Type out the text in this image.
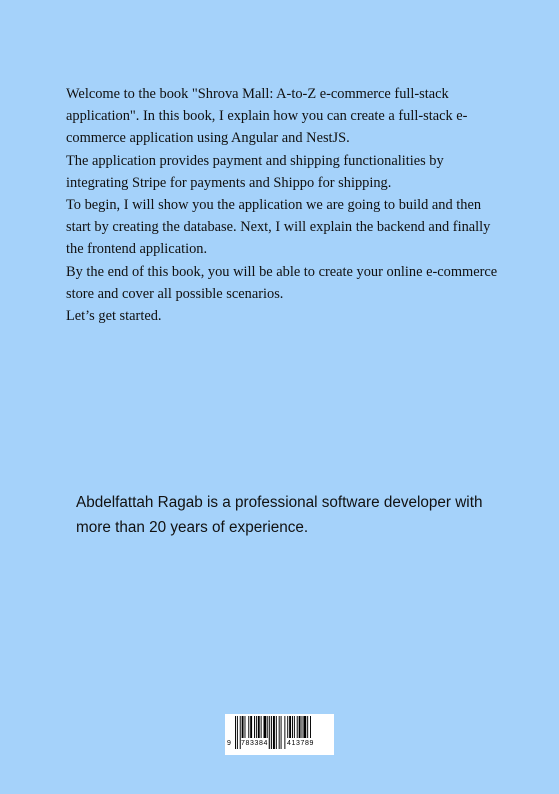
Welcome to the book "Shrova Mall: A-to-Z e-commerce full-stack application". In this book, I explain how you can create a full-stack e-commerce application using Angular and NestJS.

The application provides payment and shipping functionalities by integrating Stripe for payments and Shippo for shipping.

To begin, I will show you the application we are going to build and then start by creating the database. Next, I will explain the backend and finally the frontend application.

By the end of this book, you will be able to create your online e-commerce store and cover all possible scenarios.

Let’s get started.

Abdelfattah Ragab is a professional software developer with more than 20 years of experience.
9 783384	413789
